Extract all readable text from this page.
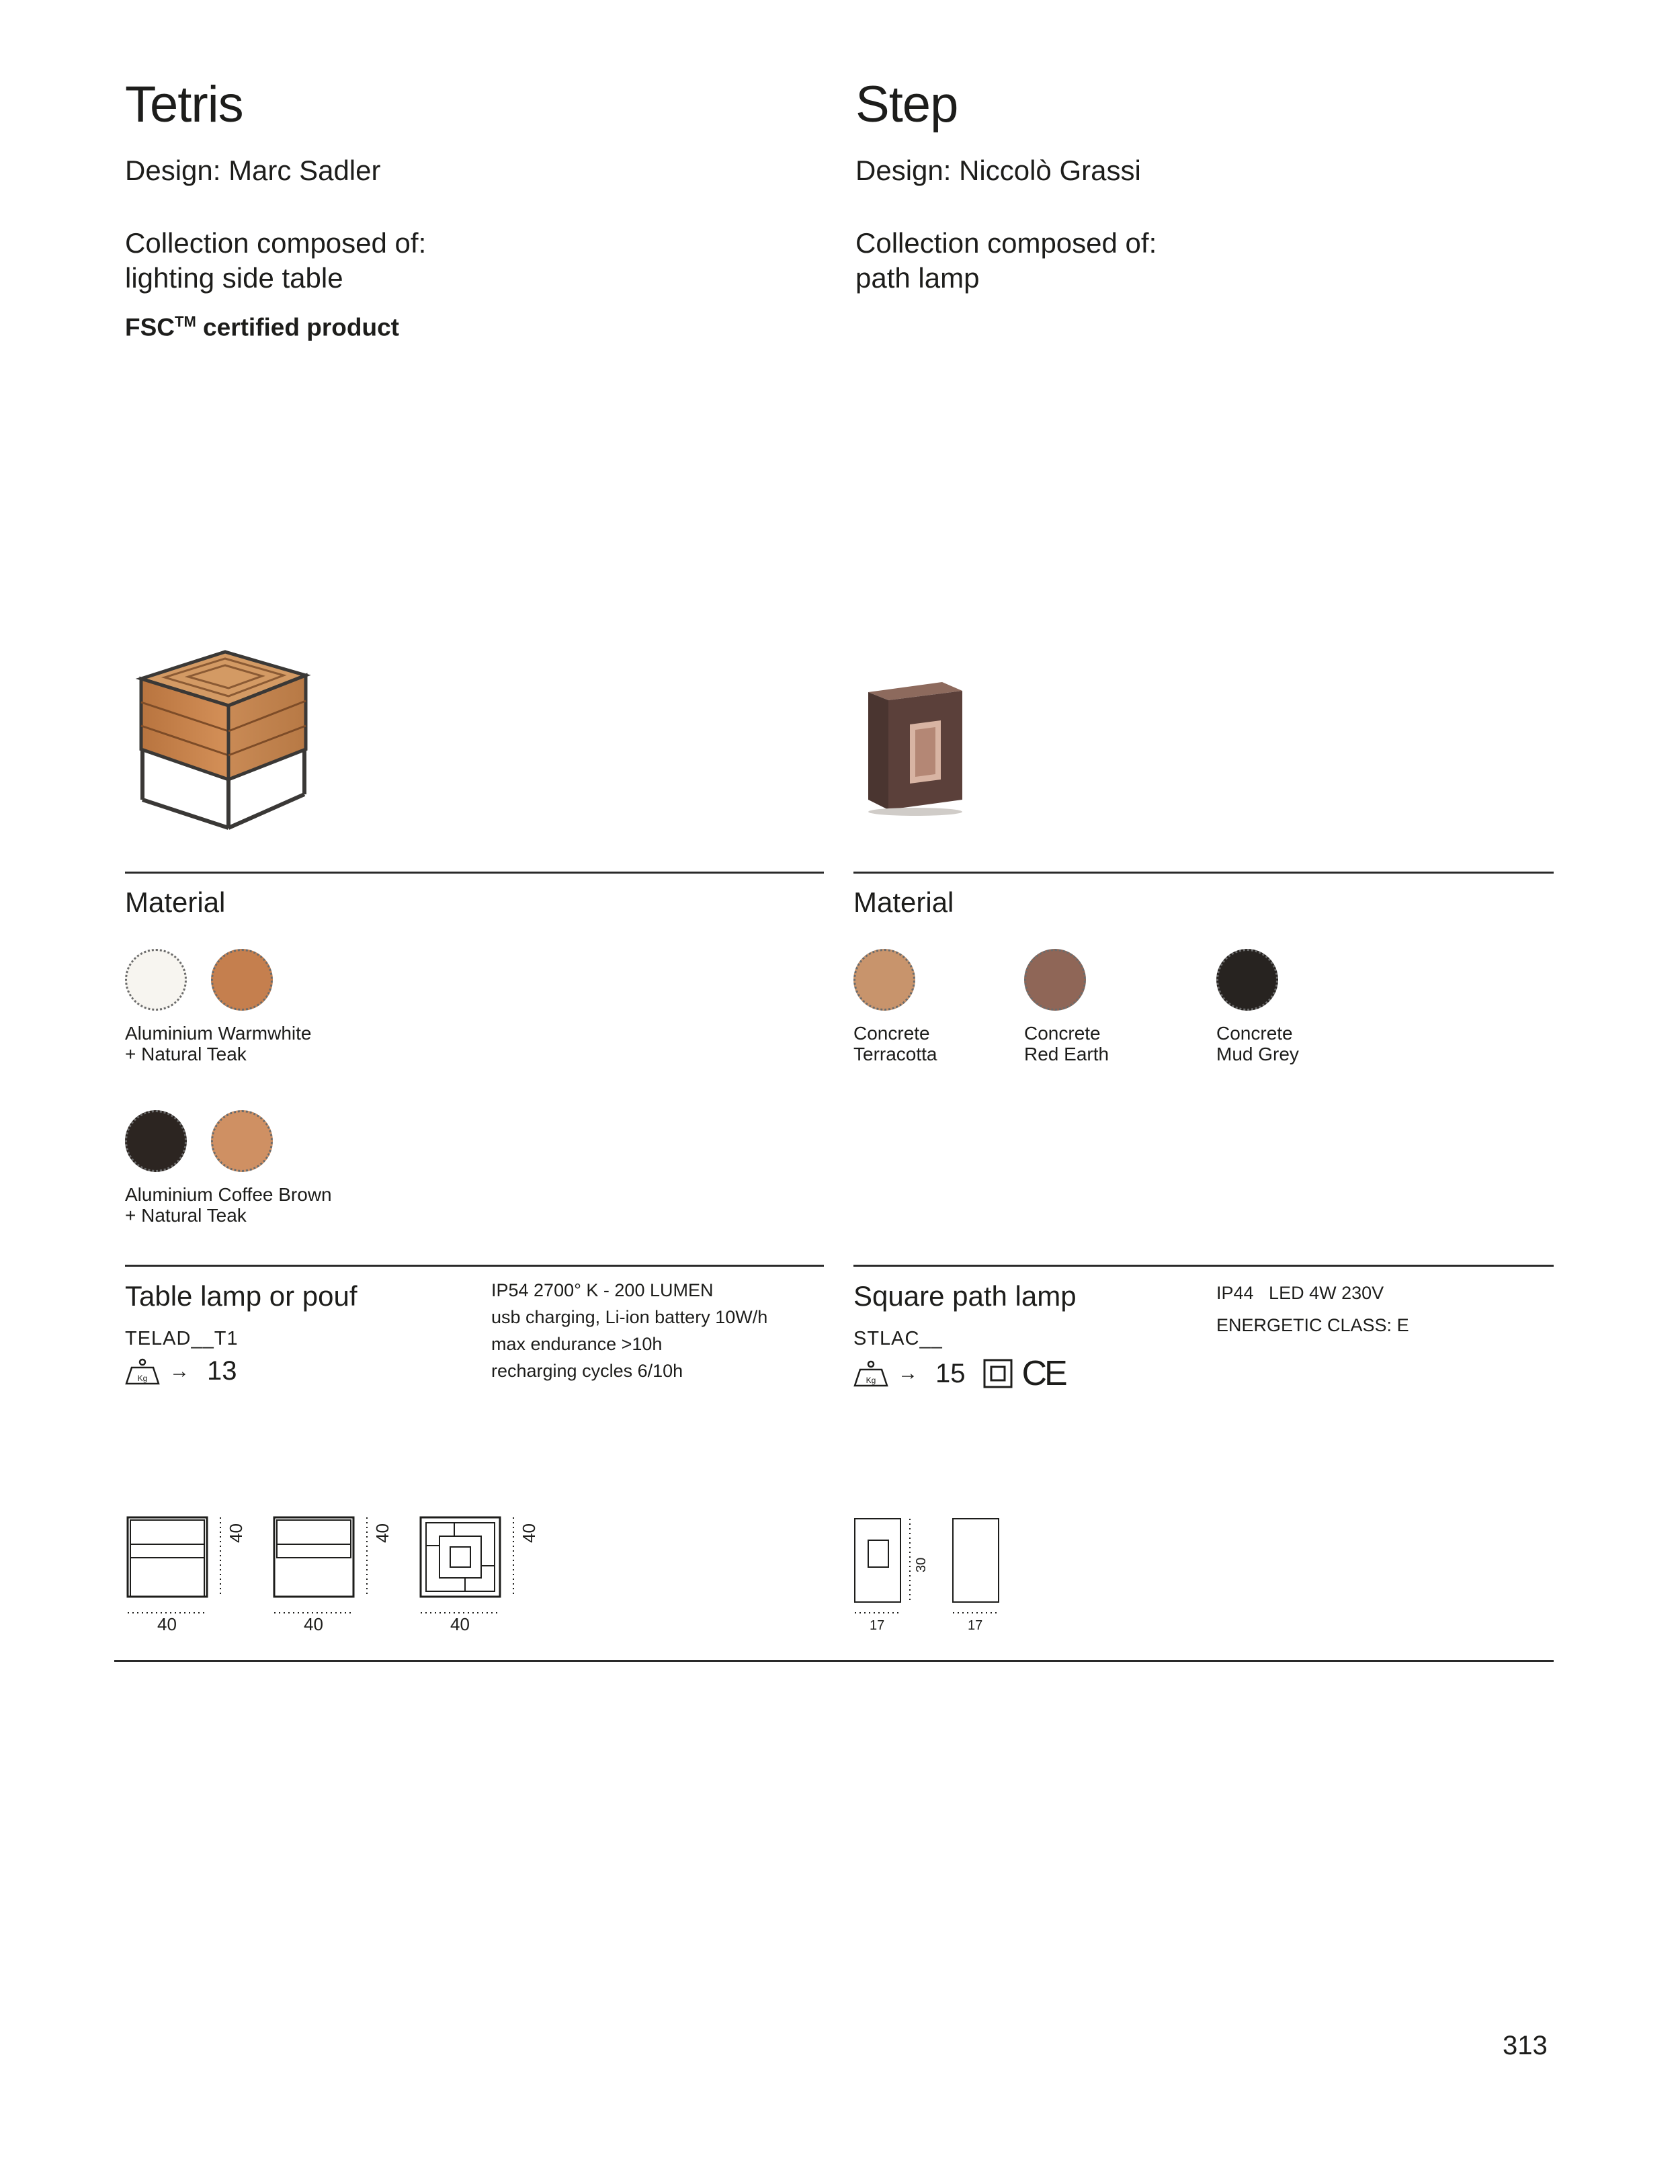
Tetris
Design: Marc Sadler
Collection composed of:
lighting side table
FSC™ certified product
Step
Design: Niccolò Grassi
Collection composed of:
path lamp
Material
Aluminium Warmwhite
+ Natural Teak
Aluminium Coffee Brown
+ Natural Teak
Material
Concrete
Terracotta
Concrete
Red Earth
Concrete
Mud Grey
Table lamp or pouf
TELAD__T1
Kg → 13
IP54 2700° K - 200 LUMEN
usb charging, Li-ion battery 10W/h
max endurance >10h
recharging cycles 6/10h
Square path lamp
STLAC__
Kg → 15 CE
IP44   LED 4W 230V
ENERGETIC CLASS: E
40
40
40
40
40
40
30
17	17
313
